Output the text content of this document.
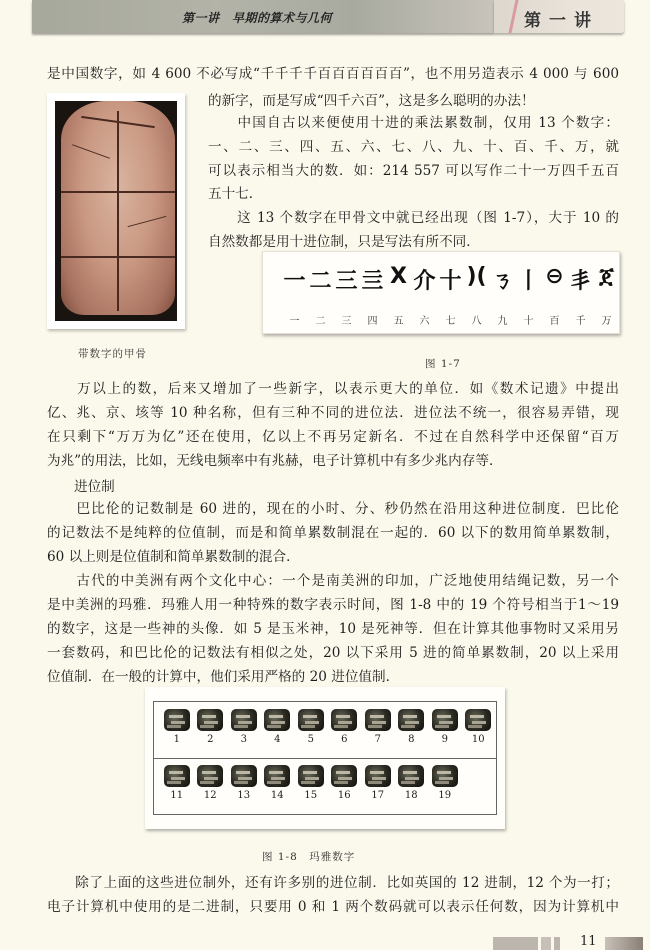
第一讲　早期的算术与几何	第一讲
是中国数字，如 4 600 不必写成“千千千千百百百百百百”，也不用另造表示 4 000 与 600
的新字，而是写成“四千六百”，这是多么聪明的办法！
带数字的甲骨
　　中国自古以来便使用十进的乘法累数制，仅用 13 个数字：
一、二、三、四、五、六、七、八、九、十、百、千、万，就
可以表示相当大的数．如：214 557 可以写作二十一万四千五百
五十七．
　　这 13 个数字在甲骨文中就已经出现（图 1-7），大于 10 的
自然数都是用十进位制，只是写法有所不同．
一 二 三 亖 Ⅹ 介 十 )( ㄋ 丨 ⊖ 丯 ጀ
一	二	三	四	五	六	七	八	九	十	百	千	万
图 1-7
　　万以上的数，后来又增加了一些新字，以表示更大的单位．如《数术记遗》中提出
亿、兆、京、垓等 10 种名称，但有三种不同的进位法．进位法不统一，很容易弄错，现
在只剩下“万万为亿”还在使用，亿以上不再另定新名．不过在自然科学中还保留“百万
为兆”的用法，比如，无线电频率中有兆赫，电子计算机中有多少兆内存等．
进位制
　　巴比伦的记数制是 60 进的，现在的小时、分、秒仍然在沿用这种进位制度．巴比伦
的记数法不是纯粹的位值制，而是和简单累数制混在一起的．60 以下的数用简单累数制，
60 以上则是位值制和简单累数制的混合．
　　古代的中美洲有两个文化中心：一个是南美洲的印加，广泛地使用结绳记数，另一个
是中美洲的玛雅．玛雅人用一种特殊的数字表示时间，图 1-8 中的 19 个符号相当于1～19
的数字，这是一些神的头像．如 5 是玉米神，10 是死神等．但在计算其他事物时又采用另
一套数码，和巴比伦的记数法有相似之处，20 以下采用 5 进的简单累数制，20 以上采用
位值制．在一般的计算中，他们采用严格的 20 进位值制．
1	2	3	4	5	6	7	8	9 10
11 12 13 14 15 16 17 18 19
图 1-8　玛雅数字
　　除了上面的这些进位制外，还有许多别的进位制．比如英国的 12 进制，12 个为一打；
电子计算机中使用的是二进制，只要用 0 和 1 两个数码就可以表示任何数，因为计算机中
11
